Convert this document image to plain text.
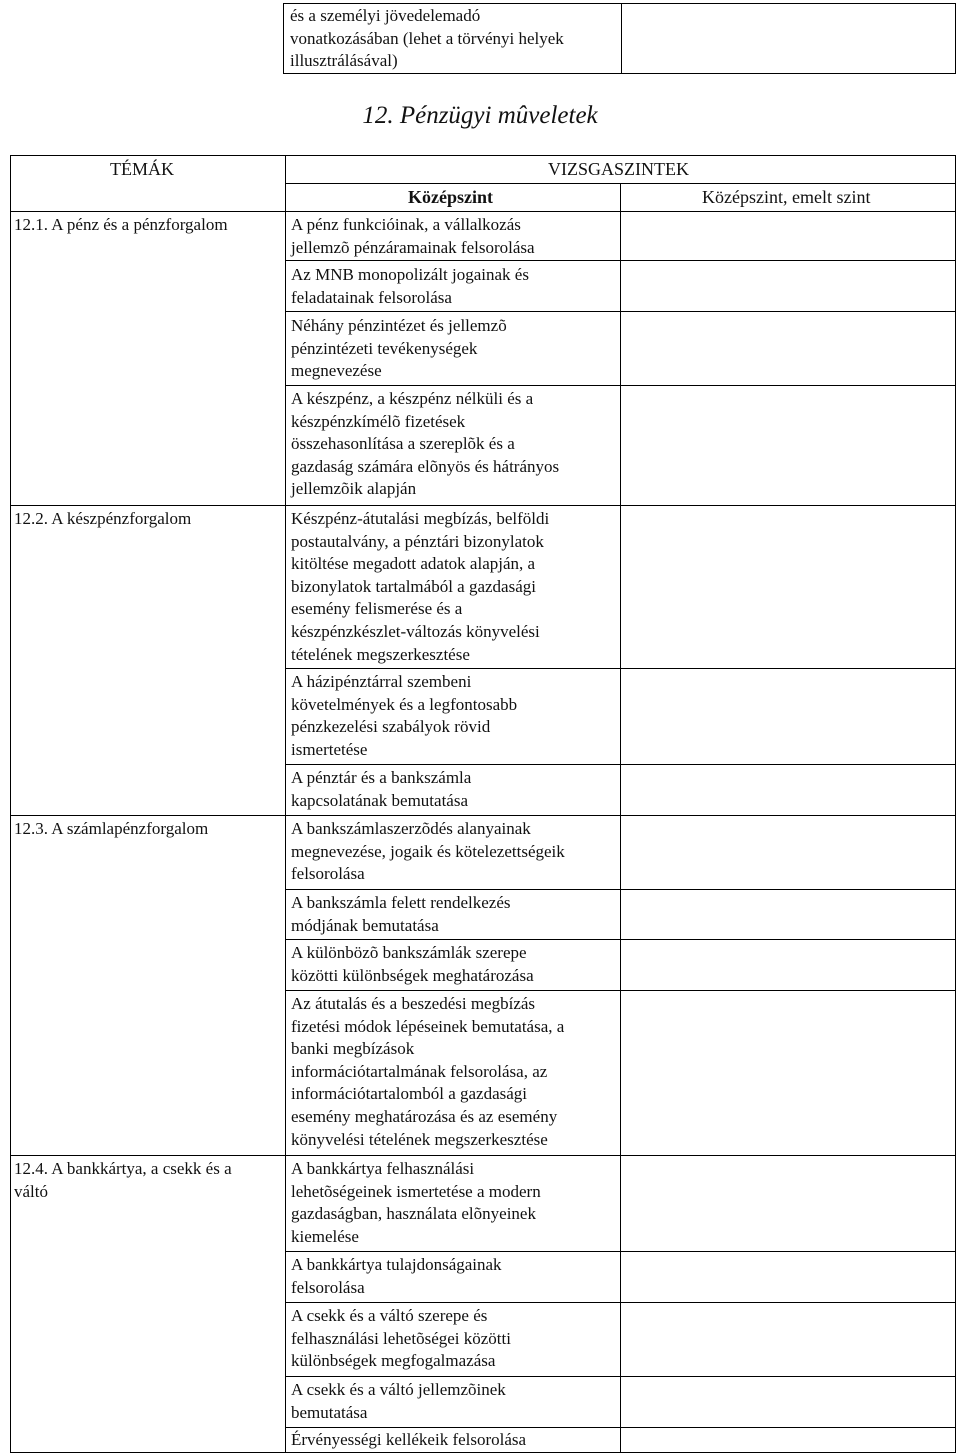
és a személyi jövedelemadó
vonatkozásában (lehet a törvényi helyek
illusztrálásával)
12. Pénzügyi mûveletek
TÉMÁK	VIZSGASZINTEK
Középszint	Középszint, emelt szint
12.1. A pénz és a pénzforgalom
12.2. A készpénzforgalom
12.3. A számlapénzforgalom
12.4. A bankkártya, a csekk és a
váltó
A pénz funkcióinak, a vállalkozás
jellemzõ pénzáramainak felsorolása
Az MNB monopolizált jogainak és
feladatainak felsorolása
Néhány pénzintézet és jellemzõ
pénzintézeti tevékenységek
megnevezése
A készpénz, a készpénz nélküli és a
készpénzkímélõ fizetések
összehasonlítása a szereplõk és a
gazdaság számára elõnyös és hátrányos
jellemzõik alapján
Készpénz-átutalási megbízás, belföldi
postautalvány, a pénztári bizonylatok
kitöltése megadott adatok alapján, a
bizonylatok tartalmából a gazdasági
esemény felismerése és a
készpénzkészlet-változás könyvelési
tételének megszerkesztése
A házipénztárral szembeni
követelmények és a legfontosabb
pénzkezelési szabályok rövid
ismertetése
A pénztár és a bankszámla
kapcsolatának bemutatása
A bankszámlaszerzõdés alanyainak
megnevezése, jogaik és kötelezettségeik
felsorolása
A bankszámla felett rendelkezés
módjának bemutatása
A különbözõ bankszámlák szerepe
közötti különbségek meghatározása
Az átutalás és a beszedési megbízás
fizetési módok lépéseinek bemutatása, a
banki megbízások
információtartalmának felsorolása, az
információtartalomból a gazdasági
esemény meghatározása és az esemény
könyvelési tételének megszerkesztése
A bankkártya felhasználási
lehetõségeinek ismertetése a modern
gazdaságban, használata elõnyeinek
kiemelése
A bankkártya tulajdonságainak
felsorolása
A csekk és a váltó szerepe és
felhasználási lehetõségei közötti
különbségek megfogalmazása
A csekk és a váltó jellemzõinek
bemutatása
Érvényességi kellékeik felsorolása
